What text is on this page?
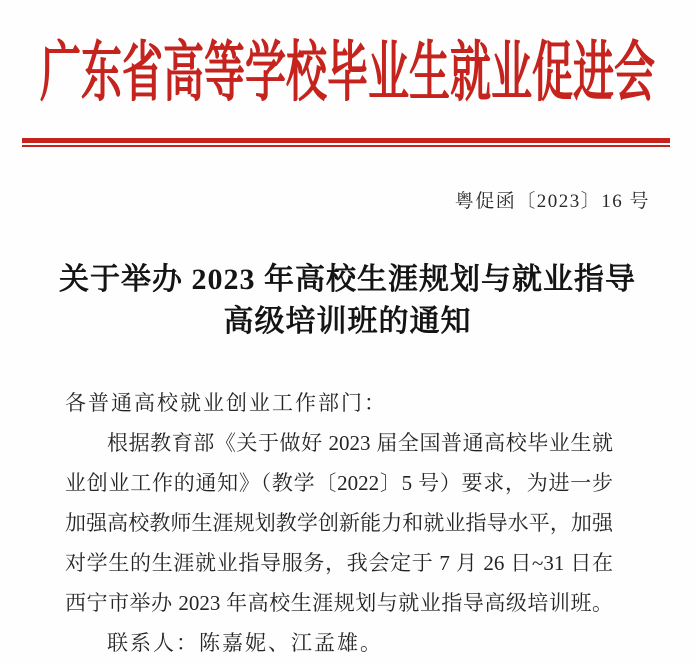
广东省高等学校毕业生就业促进会
粤促函〔2023〕16 号
关于举办 2023 年高校生涯规划与就业指导
高级培训班的通知
各普通高校就业创业工作部门：
根据教育部《关于做好 2023 届全国普通高校毕业生就
业创业工作的通知》（教学〔2022〕5 号）要求，为进一步
加强高校教师生涯规划教学创新能力和就业指导水平，加强
对学生的生涯就业指导服务，我会定于 7 月 26 日~31 日在
西宁市举办 2023 年高校生涯规划与就业指导高级培训班。
联系人：陈嘉妮、江孟雄。
